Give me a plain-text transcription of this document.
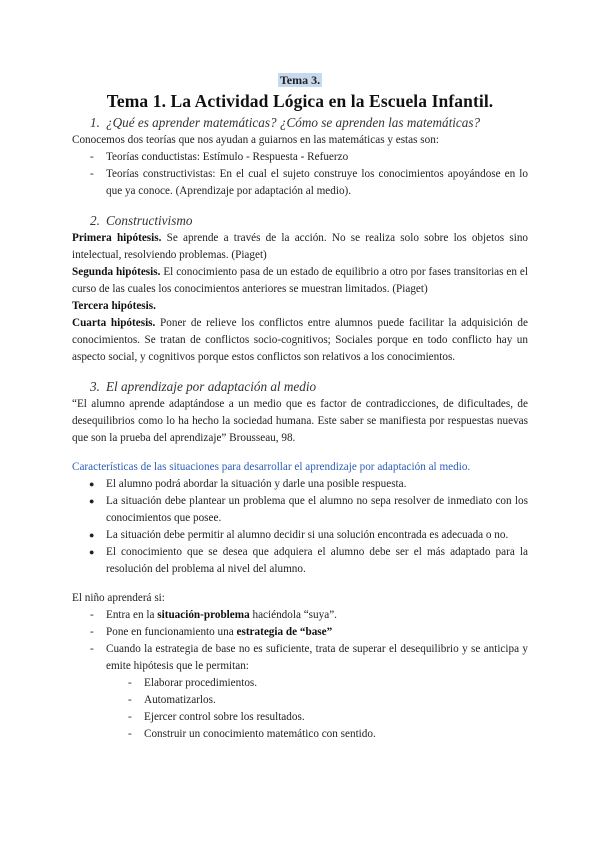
Tema 3.
Tema 1. La Actividad Lógica en la Escuela Infantil.
1. ¿Qué es aprender matemáticas? ¿Cómo se aprenden las matemáticas?

Conocemos dos teorías que nos ayudan a guiarnos en las matemáticas y estas son:

-	Teorías conductistas: Estímulo - Respuesta - Refuerzo
-	Teorías constructivistas: En el cual el sujeto construye los conocimientos apoyándose en lo que ya conoce. (Aprendizaje por adaptación al medio).
2. Constructivismo

Primera hipótesis. Se aprende a través de la acción. No se realiza solo sobre los objetos sino intelectual, resolviendo problemas. (Piaget)

Segunda hipótesis. El conocimiento pasa de un estado de equilibrio a otro por fases transitorias en el curso de las cuales los conocimientos anteriores se muestran limitados. (Piaget)

Tercera hipótesis.

Cuarta hipótesis. Poner de relieve los conflictos entre alumnos puede facilitar la adquisición de conocimientos. Se tratan de conflictos socio-cognitivos; Sociales porque en todo conflicto hay un aspecto social, y cognitivos porque estos conflictos son relativos a los conocimientos.

3. El aprendizaje por adaptación al medio

“El alumno aprende adaptándose a un medio que es factor de contradicciones, de dificultades, de desequilibrios como lo ha hecho la sociedad humana. Este saber se manifiesta por respuestas nuevas que son la prueba del aprendizaje” Brousseau, 98.

Características de las situaciones para desarrollar el aprendizaje por adaptación al medio.

●	El alumno podrá abordar la situación y darle una posible respuesta.
●	La situación debe plantear un problema que el alumno no sepa resolver de inmediato con los conocimientos que posee.
●	La situación debe permitir al alumno decidir si una solución encontrada es adecuada o no.
●	El conocimiento que se desea que adquiera el alumno debe ser el más adaptado para la resolución del problema al nivel del alumno.

El niño aprenderá si:

-	Entra en la situación-problema haciéndola “suya”.
-	Pone en funcionamiento una estrategia de “base”
-	Cuando la estrategia de base no es suficiente, trata de superar el desequilibrio y se anticipa y emite hipótesis que le permitan:
-	Elaborar procedimientos.
-	Automatizarlos.
-	Ejercer control sobre los resultados.
-	Construir un conocimiento matemático con sentido.
